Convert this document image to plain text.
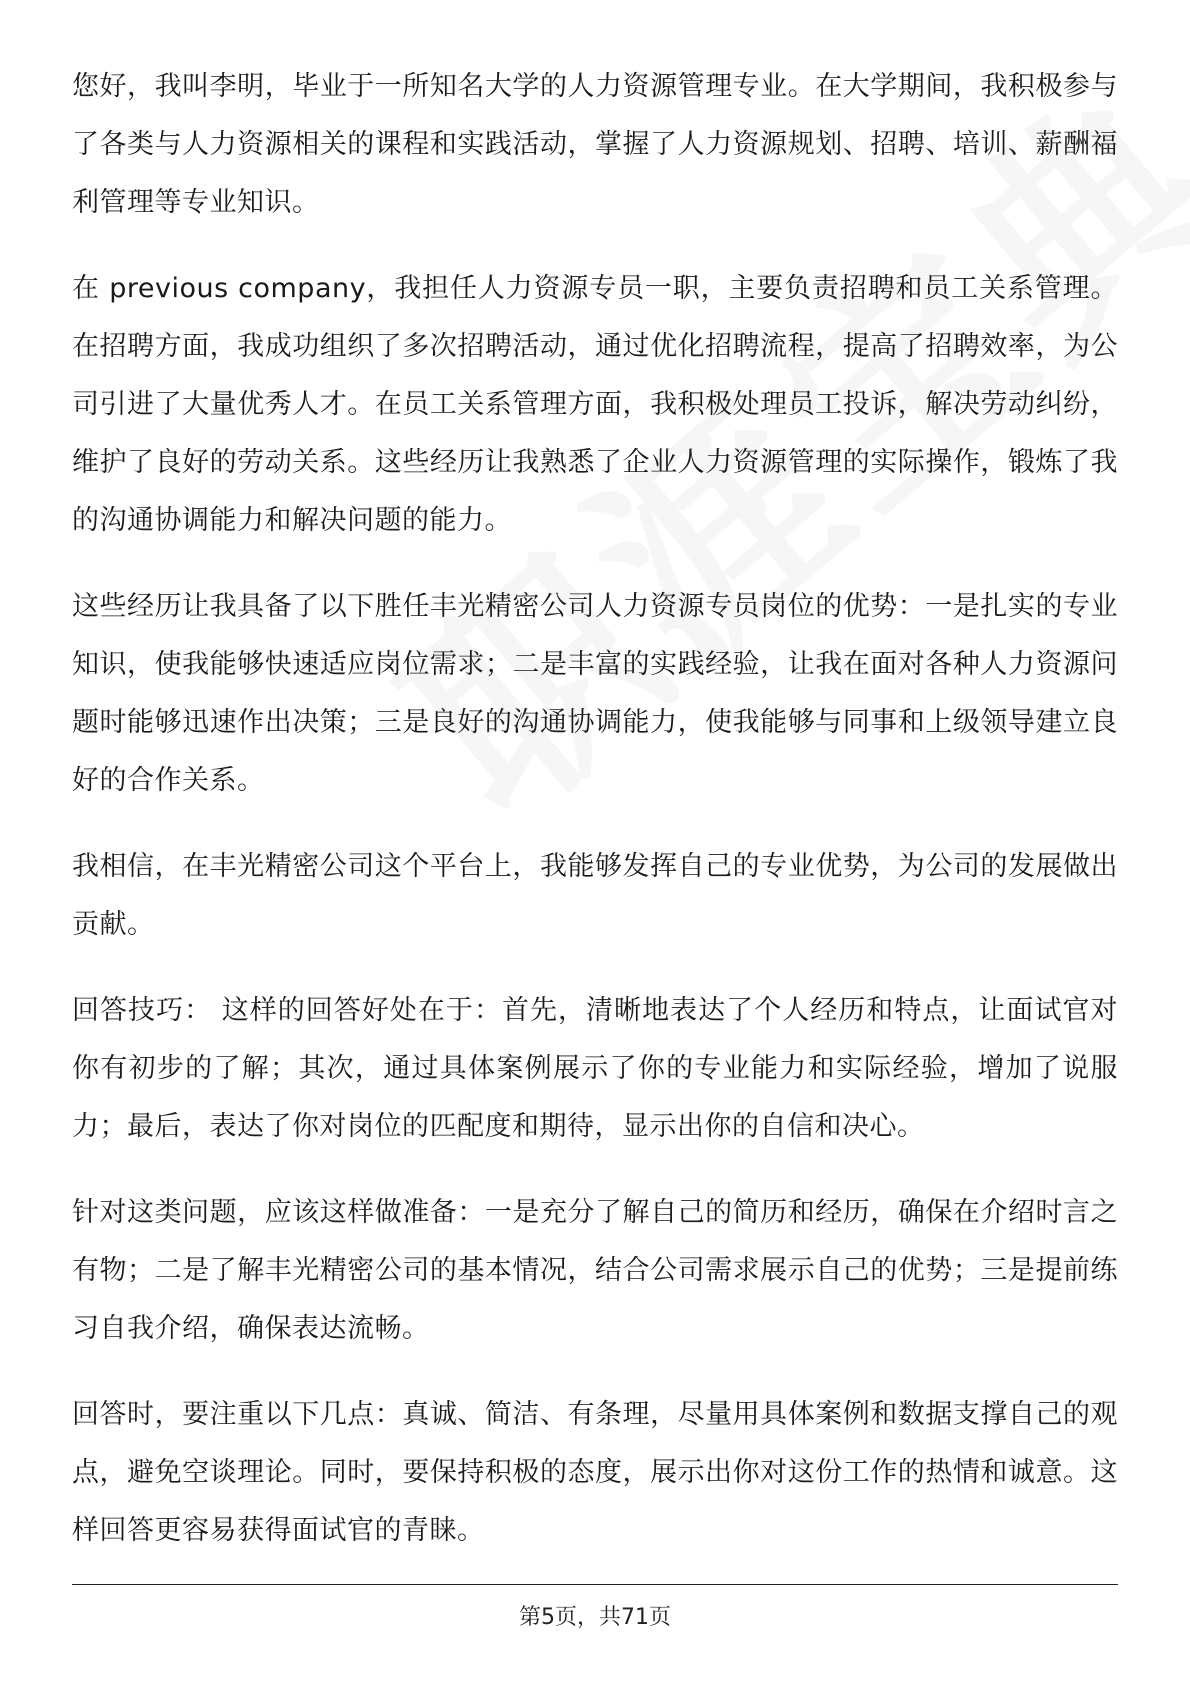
您好，我叫李明，毕业于一所知名大学的人力资源管理专业。在大学期间，我积极参与了各类与人力资源相关的课程和实践活动，掌握了人力资源规划、招聘、培训、薪酬福利管理等专业知识。

在 previous company，我担任人力资源专员一职，主要负责招聘和员工关系管理。在招聘方面，我成功组织了多次招聘活动，通过优化招聘流程，提高了招聘效率，为公司引进了大量优秀人才。在员工关系管理方面，我积极处理员工投诉，解决劳动纠纷，维护了良好的劳动关系。这些经历让我熟悉了企业人力资源管理的实际操作，锻炼了我的沟通协调能力和解决问题的能力。

这些经历让我具备了以下胜任丰光精密公司人力资源专员岗位的优势：一是扎实的专业知识，使我能够快速适应岗位需求；二是丰富的实践经验，让我在面对各种人力资源问题时能够迅速作出决策；三是良好的沟通协调能力，使我能够与同事和上级领导建立良好的合作关系。

我相信，在丰光精密公司这个平台上，我能够发挥自己的专业优势，为公司的发展做出贡献。

回答技巧： 这样的回答好处在于：首先，清晰地表达了个人经历和特点，让面试官对你有初步的了解；其次，通过具体案例展示了你的专业能力和实际经验，增加了说服力；最后，表达了你对岗位的匹配度和期待，显示出你的自信和决心。

针对这类问题，应该这样做准备：一是充分了解自己的简历和经历，确保在介绍时言之有物；二是了解丰光精密公司的基本情况，结合公司需求展示自己的优势；三是提前练习自我介绍，确保表达流畅。

回答时，要注重以下几点：真诚、简洁、有条理，尽量用具体案例和数据支撑自己的观点，避免空谈理论。同时，要保持积极的态度，展示出你对这份工作的热情和诚意。这样回答更容易获得面试官的青睐。

第5页，共71页
